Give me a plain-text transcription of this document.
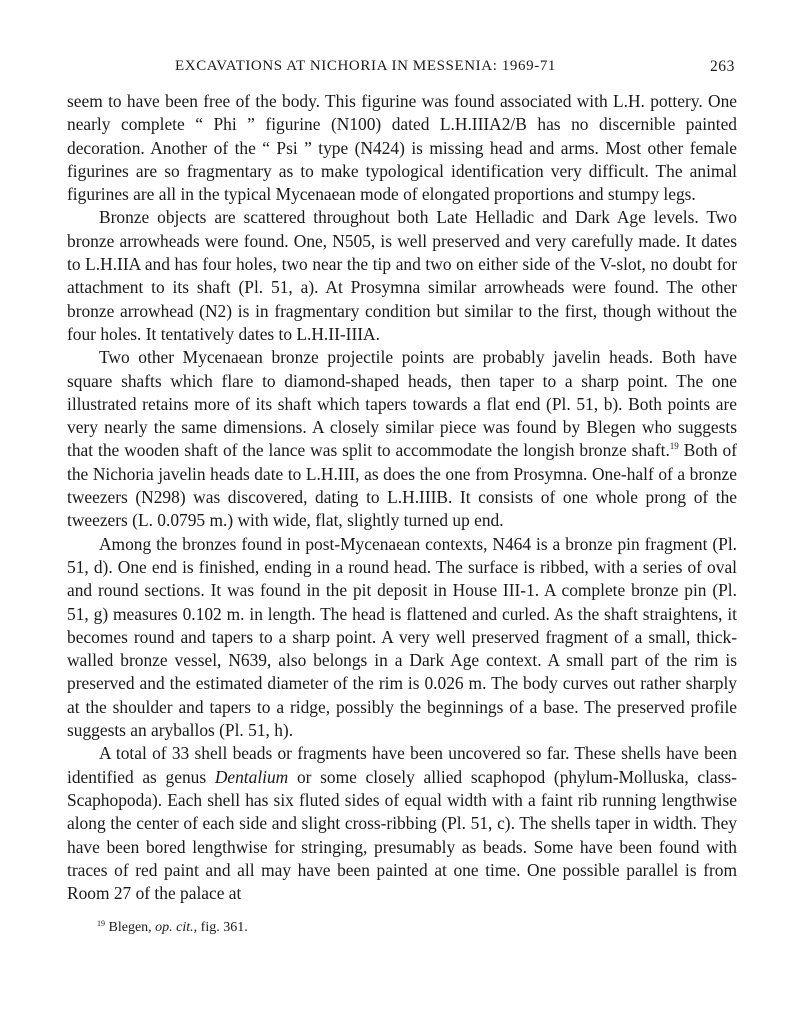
EXCAVATIONS AT NICHORIA IN MESSENIA: 1969-71	263

seem to have been free of the body. This figurine was found associated with L.H. pottery. One nearly complete “ Phi ” figurine (N100) dated L.H.IIIA2/B has no discernible painted decoration. Another of the “ Psi ” type (N424) is missing head and arms. Most other female figurines are so fragmentary as to make typological identification very difficult. The animal figurines are all in the typical Mycenaean mode of elongated proportions and stumpy legs.

Bronze objects are scattered throughout both Late Helladic and Dark Age levels. Two bronze arrowheads were found. One, N505, is well preserved and very carefully made. It dates to L.H.IIA and has four holes, two near the tip and two on either side of the V-slot, no doubt for attachment to its shaft (Pl. 51, a). At Prosymna similar arrowheads were found. The other bronze arrowhead (N2) is in fragmentary condition but similar to the first, though without the four holes. It tentatively dates to L.H.II-IIIA.

Two other Mycenaean bronze projectile points are probably javelin heads. Both have square shafts which flare to diamond-shaped heads, then taper to a sharp point. The one illustrated retains more of its shaft which tapers towards a flat end (Pl. 51, b). Both points are very nearly the same dimensions. A closely similar piece was found by Blegen who suggests that the wooden shaft of the lance was split to accommodate the longish bronze shaft.$^{19}$ Both of the Nichoria javelin heads date to L.H.III, as does the one from Prosymna. One-half of a bronze tweezers (N298) was discovered, dating to L.H.IIIB. It consists of one whole prong of the tweezers (L. 0.0795 m.) with wide, flat, slightly turned up end.

Among the bronzes found in post-Mycenaean contexts, N464 is a bronze pin fragment (Pl. 51, d). One end is finished, ending in a round head. The surface is ribbed, with a series of oval and round sections. It was found in the pit deposit in House III-1. A complete bronze pin (Pl. 51, g) measures 0.102 m. in length. The head is flattened and curled. As the shaft straightens, it becomes round and tapers to a sharp point. A very well preserved fragment of a small, thick-walled bronze vessel, N639, also belongs in a Dark Age context. A small part of the rim is preserved and the estimated diameter of the rim is 0.026 m. The body curves out rather sharply at the shoulder and tapers to a ridge, possibly the beginnings of a base. The preserved profile suggests an aryballos (Pl. 51, h).

A total of 33 shell beads or fragments have been uncovered so far. These shells have been identified as genus Dentalium or some closely allied scaphopod (phylum-Molluska, class-Scaphopoda). Each shell has six fluted sides of equal width with a faint rib running lengthwise along the center of each side and slight cross-ribbing (Pl. 51, c). The shells taper in width. They have been bored lengthwise for stringing, presumably as beads. Some have been found with traces of red paint and all may have been painted at one time. One possible parallel is from Room 27 of the palace at

$^{19}$ Blegen, op. cit., fig. 361.
